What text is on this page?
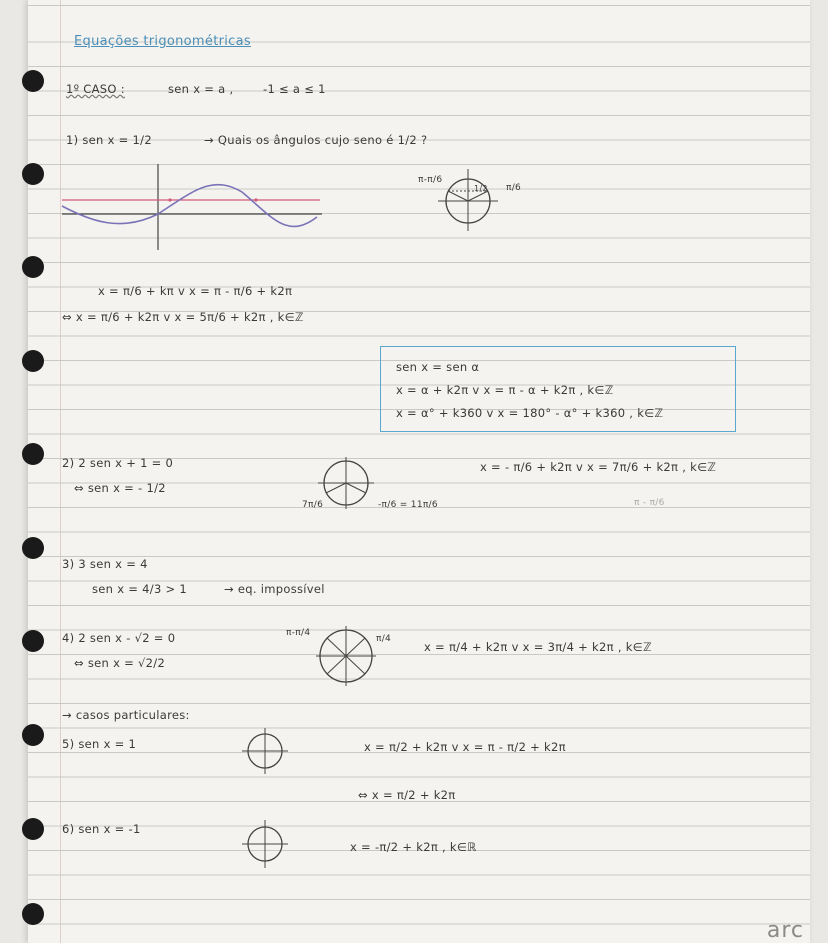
Equações trigonométricas
1º CASO :	sen x = a ,	-1 ≤ a ≤ 1
1) sen x = 1/2	→ Quais os ângulos cujo seno é 1/2 ?
π-π/6
π/6
1/2
x = π/6 + kπ v x = π - π/6 + k2π
⇔ x = π/6 + k2π v x = 5π/6 + k2π , k∈ℤ
sen x = sen α
x = α + k2π v x = π - α + k2π , k∈ℤ
x = α° + k360 v x = 180° - α° + k360 , k∈ℤ
2) 2 sen x + 1 = 0
⇔ sen x = - 1/2
7π/6	-π/6 = 11π/6
x = - π/6 + k2π v x = 7π/6 + k2π , k∈ℤ
π - π/6
3) 3 sen x = 4
sen x = 4/3 > 1	→ eq. impossível
4) 2 sen x - √2 = 0
⇔ sen x = √2/2
π-π/4
π/4
x = π/4 + k2π v x = 3π/4 + k2π , k∈ℤ
→ casos particulares:
5) sen x = 1	x = π/2 + k2π v x = π - π/2 + k2π
⇔ x = π/2 + k2π
6) sen x = -1
x = -π/2 + k2π , k∈ℝ
arc
